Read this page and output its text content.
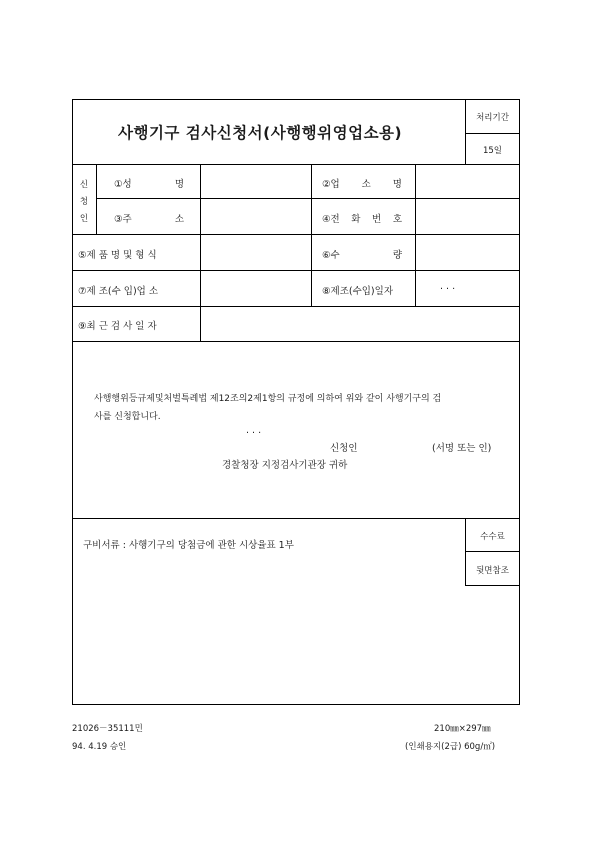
사행기구 검사신청서(사행행위영업소용)
처리기간
15일
신
청
인
①성	명	②업 소 명
③주	소	④전 화 번 호
⑤제 품 명 및 형 식	⑥수	량
⑦제 조(수 입)업 소	⑧제조(수입)일자	. . .
⑨최 근 검 사 일 자
사행행위등규제및처벌특례법 제12조의2제1항의 규정에 의하여 위와 같이 사행기구의 검
사를 신청합니다.
. . .
신청인	(서명 또는 인)
경찰청장 지정검사기관장 귀하
구비서류 : 사행기구의 당첨금에 관한 시상율표 1부
수수료
뒷면참조
21026－35111민
94. 4.19 승인
210㎜×297㎜
(인쇄용지(2급) 60g/㎡)
